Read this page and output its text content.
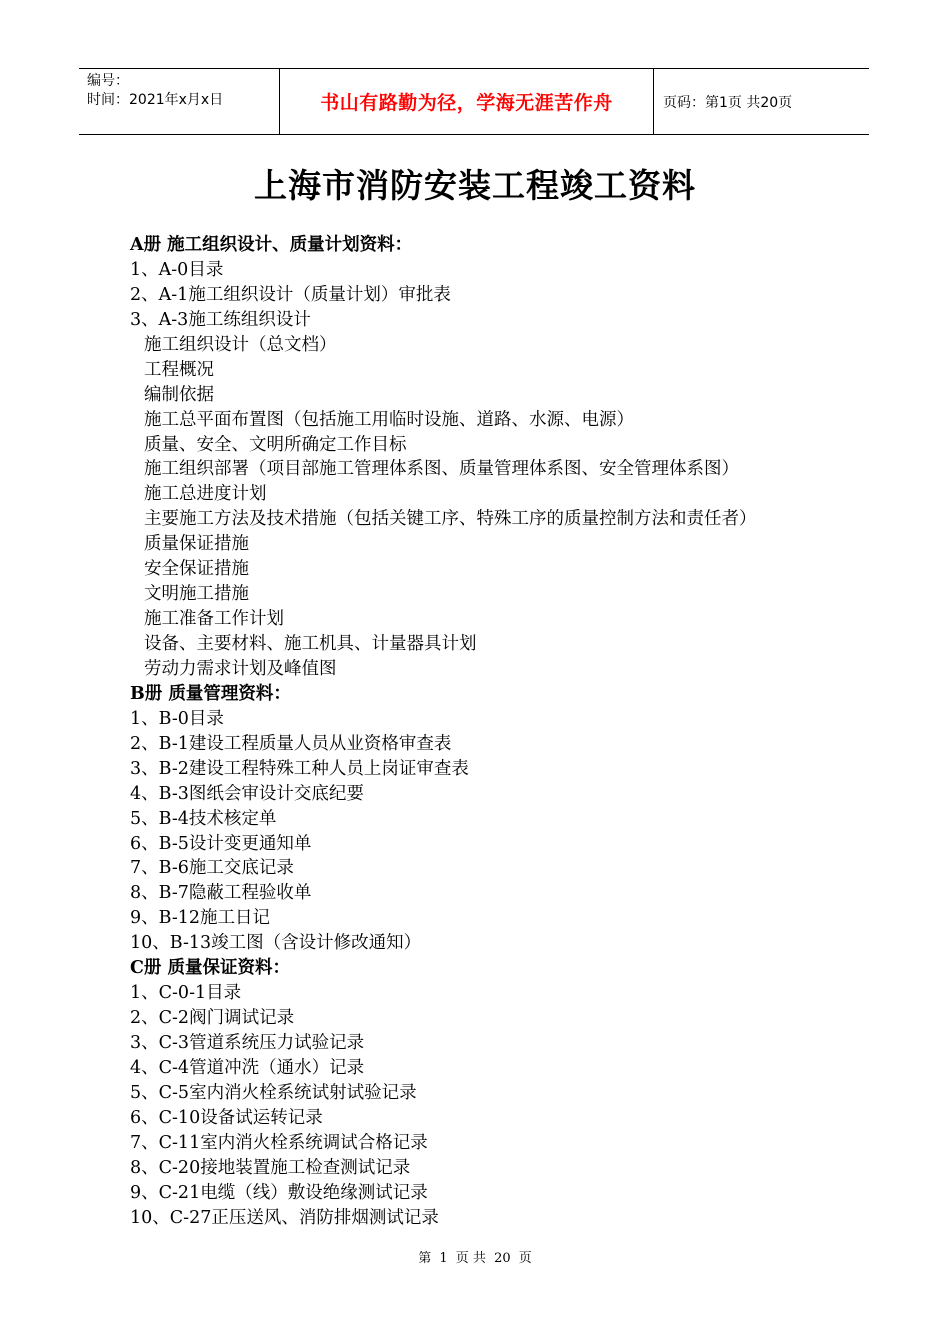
编号：
时间：2021年x月x日	书山有路勤为径，学海无涯苦作舟	页码：第1页 共20页
上海市消防安装工程竣工资料
A册 施工组织设计、质量计划资料：
1、A-0目录
2、A-1施工组织设计（质量计划）审批表
3、A-3施工练组织设计
施工组织设计（总文档）
工程概况
编制依据
施工总平面布置图（包括施工用临时设施、道路、水源、电源）
质量、安全、文明所确定工作目标
施工组织部署（项目部施工管理体系图、质量管理体系图、安全管理体系图）
施工总进度计划
主要施工方法及技术措施（包括关键工序、特殊工序的质量控制方法和责任者）
质量保证措施
安全保证措施
文明施工措施
施工准备工作计划
设备、主要材料、施工机具、计量器具计划
劳动力需求计划及峰值图
B册 质量管理资料：
1、B-0目录
2、B-1建设工程质量人员从业资格审查表
3、B-2建设工程特殊工种人员上岗证审查表
4、B-3图纸会审设计交底纪要
5、B-4技术核定单
6、B-5设计变更通知单
7、B-6施工交底记录
8、B-7隐蔽工程验收单
9、B-12施工日记
10、B-13竣工图（含设计修改通知）
C册 质量保证资料：
1、C-0-1目录
2、C-2阀门调试记录
3、C-3管道系统压力试验记录
4、C-4管道冲洗（通水）记录
5、C-5室内消火栓系统试射试验记录
6、C-10设备试运转记录
7、C-11室内消火栓系统调试合格记录
8、C-20接地装置施工检查测试记录
9、C-21电缆（线）敷设绝缘测试记录
10、C-27正压送风、消防排烟测试记录
第 1 页 共 20 页
